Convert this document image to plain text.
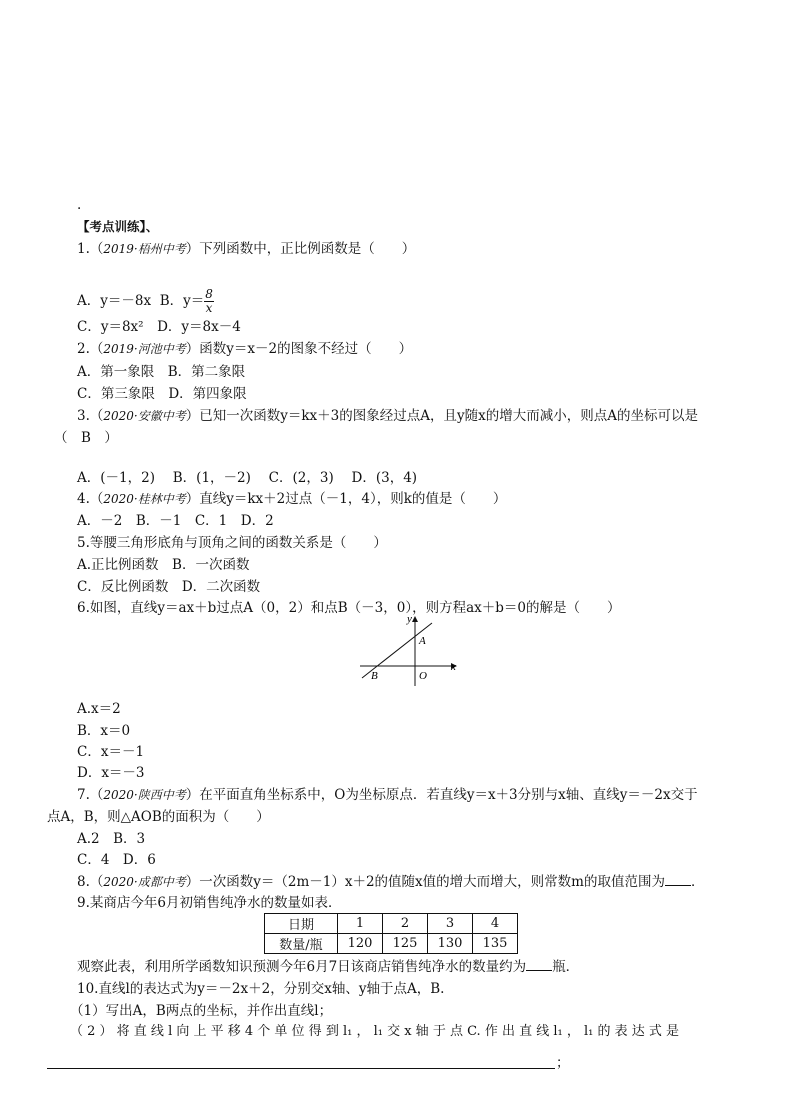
·
【考点训练】、
1.（2019·梧州中考）下列函数中，正比例函数是（　　）
A．y＝－8x B．$y= \frac{8}{x}$
C．y＝8x²　D．y＝8x－4
2.（2019·河池中考）函数y＝x－2的图象不经过（　　）
A．第一象限　B．第二象限
C．第三象限　D．第四象限
3.（2020·安徽中考）已知一次函数y＝kx＋3的图象经过点A，且y随x的增大而减小，则点A的坐标可以是
（　B　）
A．(－1，2)　 B．(1，－2)　 C．(2，3)　 D．(3，4)
4.（2020·桂林中考）直线y＝kx＋2过点（－1，4），则k的值是（　　）
A．－2　B．－1　C．1　D．2
5.等腰三角形底角与顶角之间的函数关系是（　　）
A.正比例函数　B．一次函数
C．反比例函数　D．二次函数
6.如图，直线y＝ax＋b过点A（0，2）和点B（－3，0），则方程ax＋b＝0的解是（　　）
y
x
A
B	O
A.x＝2
B．x＝0
C．x＝－1
D．x＝－3
7.（2020·陕西中考）在平面直角坐标系中，O为坐标原点．若直线y＝x＋3分别与x轴、直线y＝－2x交于
点A，B，则△AOB的面积为（　　）
A.2　B．3
C．4　D．6
8.（2020·成都中考）一次函数y＝（2m－1）x＋2的值随x值的增大而增大，则常数m的取值范围为 ．
9.某商店今年6月初销售纯净水的数量如表．
日期	1	2	3	4
数量/瓶	120	125	130	135
观察此表，利用所学函数知识预测今年6月7日该商店销售纯净水的数量约为 瓶．
10.直线l的表达式为y＝－2x＋2，分别交x轴、y轴于点A，B.
（1）写出A，B两点的坐标，并作出直线l；
（ 2 ） 将 直 线 l 向 上 平 移 4 个 单 位 得 到 l₁ ， l₁ 交 x 轴 于 点 C. 作 出 直 线 l₁ ， l₁ 的 表 达 式 是
；
